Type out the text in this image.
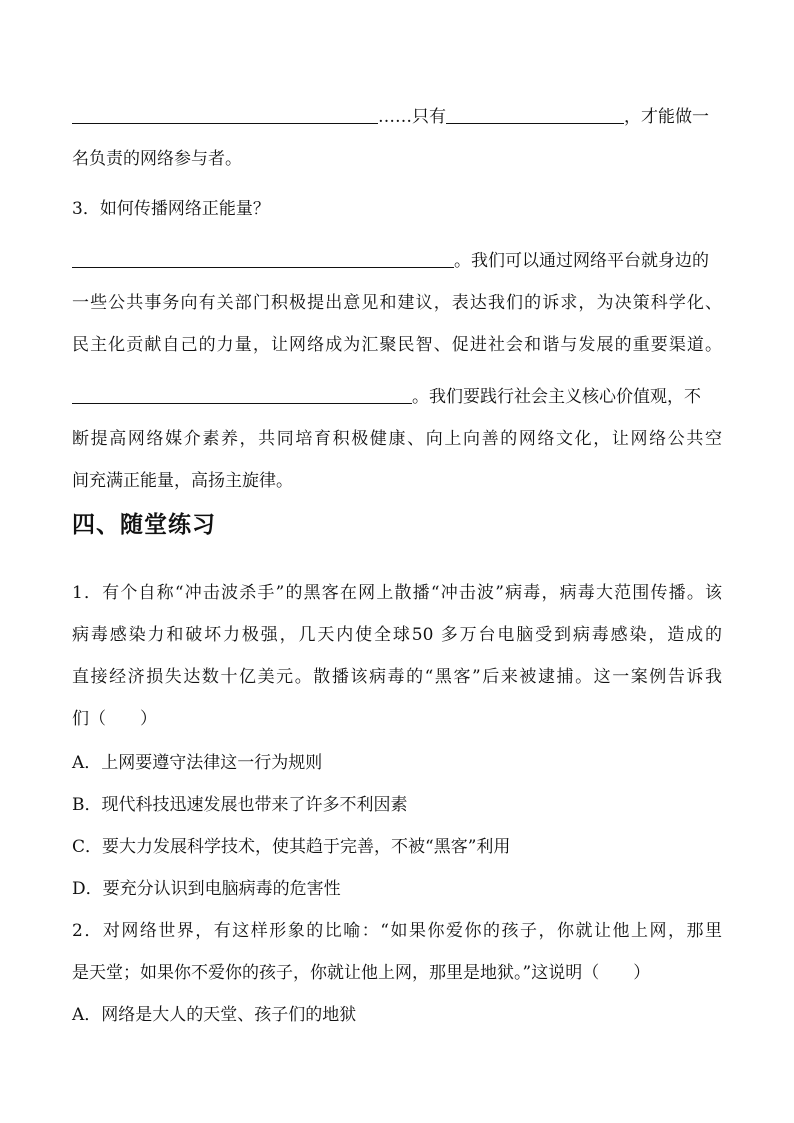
……只有	，才能做一
名负责的网络参与者。
3．如何传播网络正能量？
。我们可以通过网络平台就身边的
一些公共事务向有关部门积极提出意见和建议，表达我们的诉求，为决策科学化、
民主化贡献自己的力量，让网络成为汇聚民智、促进社会和谐与发展的重要渠道。
。我们要践行社会主义核心价值观，不
断提高网络媒介素养，共同培育积极健康、向上向善的网络文化，让网络公共空
间充满正能量，高扬主旋律。
四、随堂练习
1．有个自称“冲击波杀手”的黑客在网上散播“冲击波”病毒，病毒大范围传播。该
病毒感染力和破坏力极强，几天内使全球50 多万台电脑受到病毒感染，造成的
直接经济损失达数十亿美元。散播该病毒的“黑客”后来被逮捕。这一案例告诉我
们（ ）
A．上网要遵守法律这一行为规则
B．现代科技迅速发展也带来了许多不利因素
C．要大力发展科学技术，使其趋于完善，不被“黑客”利用
D．要充分认识到电脑病毒的危害性
2．对网络世界，有这样形象的比喻：“如果你爱你的孩子，你就让他上网，那里
是天堂；如果你不爱你的孩子，你就让他上网，那里是地狱。”这说明（ ）
A．网络是大人的天堂、孩子们的地狱
